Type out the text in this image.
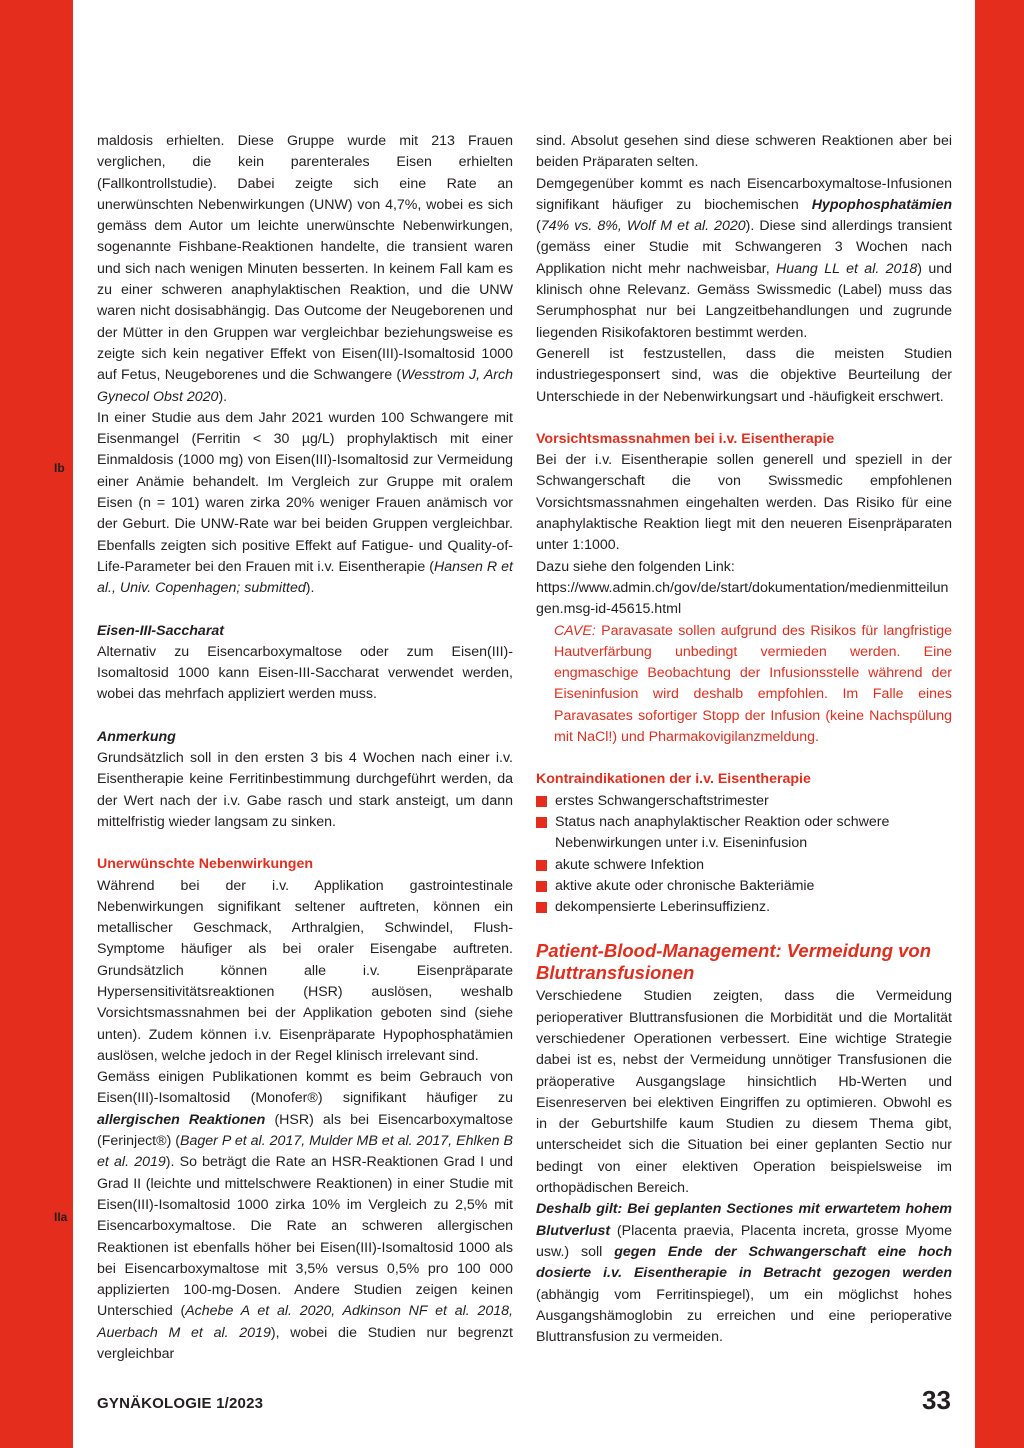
Ib
IIa

maldosis erhielten. Diese Gruppe wurde mit 213 Frauen verglichen, die kein parenterales Eisen erhielten (Fallkontrollstudie). Dabei zeigte sich eine Rate an unerwünschten Nebenwirkungen (UNW) von 4,7%, wobei es sich gemäss dem Autor um leichte unerwünschte Nebenwirkungen, sogenannte Fishbane-Reaktionen handelte, die transient waren und sich nach wenigen Minuten besserten. In keinem Fall kam es zu einer schweren anaphylaktischen Reaktion, und die UNW waren nicht dosisabhängig. Das Outcome der Neugeborenen und der Mütter in den Gruppen war vergleichbar beziehungsweise es zeigte sich kein negativer Effekt von Eisen(III)-Isomaltosid 1000 auf Fetus, Neugeborenes und die Schwangere (Wesstrom J, Arch Gynecol Obst 2020).

In einer Studie aus dem Jahr 2021 wurden 100 Schwangere mit Eisenmangel (Ferritin < 30 µg/L) prophylaktisch mit einer Einmaldosis (1000 mg) von Eisen(III)-Isomaltosid zur Vermeidung einer Anämie behandelt. Im Vergleich zur Gruppe mit oralem Eisen (n = 101) waren zirka 20% weniger Frauen anämisch vor der Geburt. Die UNW-Rate war bei beiden Gruppen vergleichbar. Ebenfalls zeigten sich positive Effekt auf Fatigue- und Quality-of-Life-Parameter bei den Frauen mit i.v. Eisentherapie (Hansen R et al., Univ. Copenhagen; submitted).

Eisen-III-Saccharat

Alternativ zu Eisencarboxymaltose oder zum Eisen(III)-Isomaltosid 1000 kann Eisen-III-Saccharat verwendet werden, wobei das mehrfach appliziert werden muss.

Anmerkung

Grundsätzlich soll in den ersten 3 bis 4 Wochen nach einer i.v. Eisentherapie keine Ferritinbestimmung durchgeführt werden, da der Wert nach der i.v. Gabe rasch und stark ansteigt, um dann mittelfristig wieder langsam zu sinken.

Unerwünschte Nebenwirkungen

Während bei der i.v. Applikation gastrointestinale Nebenwirkungen signifikant seltener auftreten, können ein metallischer Geschmack, Arthralgien, Schwindel, Flush-Symptome häufiger als bei oraler Eisengabe auftreten. Grundsätzlich können alle i.v. Eisenpräparate Hypersensitivitätsreaktionen (HSR) auslösen, weshalb Vorsichtsmassnahmen bei der Applikation geboten sind (siehe unten). Zudem können i.v. Eisenpräparate Hypophosphatämien auslösen, welche jedoch in der Regel klinisch irrelevant sind.

Gemäss einigen Publikationen kommt es beim Gebrauch von Eisen(III)-Isomaltosid (Monofer®) signifikant häufiger zu allergischen Reaktionen (HSR) als bei Eisencarboxymaltose (Ferinject®) (Bager P et al. 2017, Mulder MB et al. 2017, Ehlken B et al. 2019). So beträgt die Rate an HSR-Reaktionen Grad I und Grad II (leichte und mittelschwere Reaktionen) in einer Studie mit Eisen(III)-Isomaltosid 1000 zirka 10% im Vergleich zu 2,5% mit Eisencarboxymaltose. Die Rate an schweren allergischen Reaktionen ist ebenfalls höher bei Eisen(III)-Isomaltosid 1000 als bei Eisencarboxymaltose mit 3,5% versus 0,5% pro 100 000 applizierten 100-mg-Dosen. Andere Studien zeigen keinen Unterschied (Achebe A et al. 2020, Adkinson NF et al. 2018, Auerbach M et al. 2019), wobei die Studien nur begrenzt vergleichbar

sind. Absolut gesehen sind diese schweren Reaktionen aber bei beiden Präparaten selten.

Demgegenüber kommt es nach Eisencarboxymaltose-Infusionen signifikant häufiger zu biochemischen Hypophosphatämien (74% vs. 8%, Wolf M et al. 2020). Diese sind allerdings transient (gemäss einer Studie mit Schwangeren 3 Wochen nach Applikation nicht mehr nachweisbar, Huang LL et al. 2018) und klinisch ohne Relevanz. Gemäss Swissmedic (Label) muss das Serumphosphat nur bei Langzeitbehandlungen und zugrunde liegenden Risikofaktoren bestimmt werden.

Generell ist festzustellen, dass die meisten Studien industriegesponsert sind, was die objektive Beurteilung der Unterschiede in der Nebenwirkungsart und -häufigkeit erschwert.

Vorsichtsmassnahmen bei i.v. Eisentherapie

Bei der i.v. Eisentherapie sollen generell und speziell in der Schwangerschaft die von Swissmedic empfohlenen Vorsichtsmassnahmen eingehalten werden. Das Risiko für eine anaphylaktische Reaktion liegt mit den neueren Eisenpräparaten unter 1:1000.

Dazu siehe den folgenden Link:

https://www.admin.ch/gov/de/start/dokumentation/medienmitteilungen.msg-id-45615.html

CAVE: Paravasate sollen aufgrund des Risikos für langfristige Hautverfärbung unbedingt vermieden werden. Eine engmaschige Beobachtung der Infusionsstelle während der Eiseninfusion wird deshalb empfohlen. Im Falle eines Paravasates sofortiger Stopp der Infusion (keine Nachspülung mit NaCl!) und Pharmakovigilanzmeldung.

Kontraindikationen der i.v. Eisentherapie

erstes Schwangerschaftstrimester
Status nach anaphylaktischer Reaktion oder schwere Nebenwirkungen unter i.v. Eiseninfusion
akute schwere Infektion
aktive akute oder chronische Bakteriämie
dekompensierte Leberinsuffizienz.

Patient-Blood-Management: Vermeidung von Bluttransfusionen

Verschiedene Studien zeigten, dass die Vermeidung perioperativer Bluttransfusionen die Morbidität und die Mortalität verschiedener Operationen verbessert. Eine wichtige Strategie dabei ist es, nebst der Vermeidung unnötiger Transfusionen die präoperative Ausgangslage hinsichtlich Hb-Werten und Eisenreserven bei elektiven Eingriffen zu optimieren. Obwohl es in der Geburtshilfe kaum Studien zu diesem Thema gibt, unterscheidet sich die Situation bei einer geplanten Sectio nur bedingt von einer elektiven Operation beispielsweise im orthopädischen Bereich.

Deshalb gilt: Bei geplanten Sectiones mit erwartetem hohem Blutverlust (Placenta praevia, Placenta increta, grosse Myome usw.) soll gegen Ende der Schwangerschaft eine hoch dosierte i.v. Eisentherapie in Betracht gezogen werden (abhängig vom Ferritinspiegel), um ein möglichst hohes Ausgangshämoglobin zu erreichen und eine perioperative Bluttransfusion zu vermeiden.

GYNÄKOLOGIE 1/2023	33
